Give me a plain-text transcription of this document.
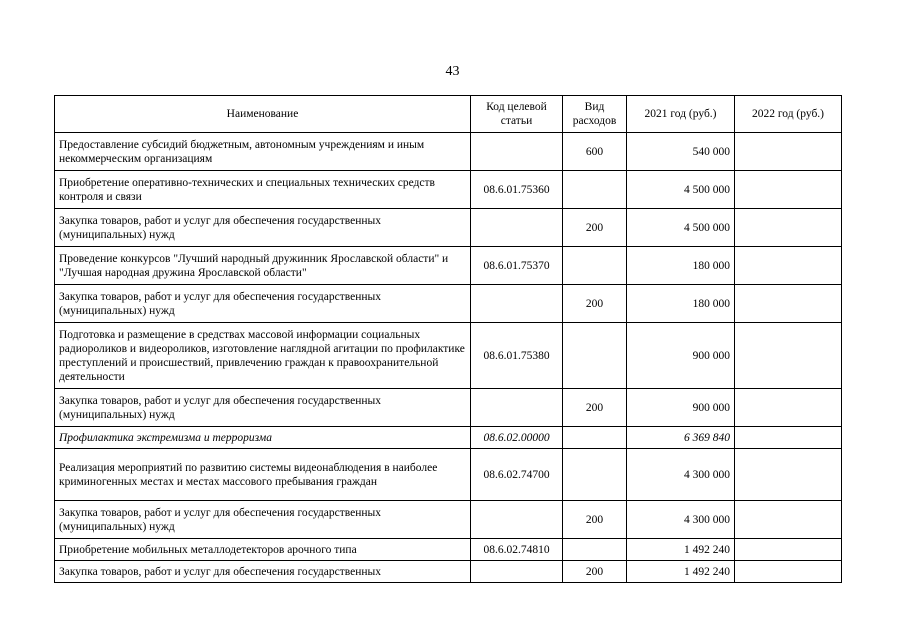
43
Наименование	Код целевой статьи	Вид расходов	2021 год (руб.)	2022 год (руб.)
Предоставление субсидий бюджетным, автономным учреждениям и иным некоммерческим организациям		600	540 000	
Приобретение оперативно-технических и специальных технических средств контроля и связи	08.6.01.75360		4 500 000	
Закупка товаров, работ и услуг для обеспечения государственных (муниципальных) нужд		200	4 500 000	
Проведение конкурсов "Лучший народный дружинник Ярославской области" и "Лучшая народная дружина Ярославской области"	08.6.01.75370		180 000	
Закупка товаров, работ и услуг для обеспечения государственных (муниципальных) нужд		200	180 000	
Подготовка и размещение в средствах массовой информации социальных радиороликов и видеороликов, изготовление наглядной агитации по профилактике преступлений и происшествий, привлечению граждан к правоохранительной деятельности	08.6.01.75380		900 000	
Закупка товаров, работ и услуг для обеспечения государственных (муниципальных) нужд		200	900 000	
Профилактика экстремизма и терроризма	08.6.02.00000		6 369 840	
Реализация мероприятий по развитию системы видеонаблюдения в наиболее криминогенных местах и местах массового пребывания граждан	08.6.02.74700		4 300 000	
Закупка товаров, работ и услуг для обеспечения государственных (муниципальных) нужд		200	4 300 000	
Приобретение мобильных металлодетекторов арочного типа	08.6.02.74810		1 492 240	
Закупка товаров, работ и услуг для обеспечения государственных		200	1 492 240	
